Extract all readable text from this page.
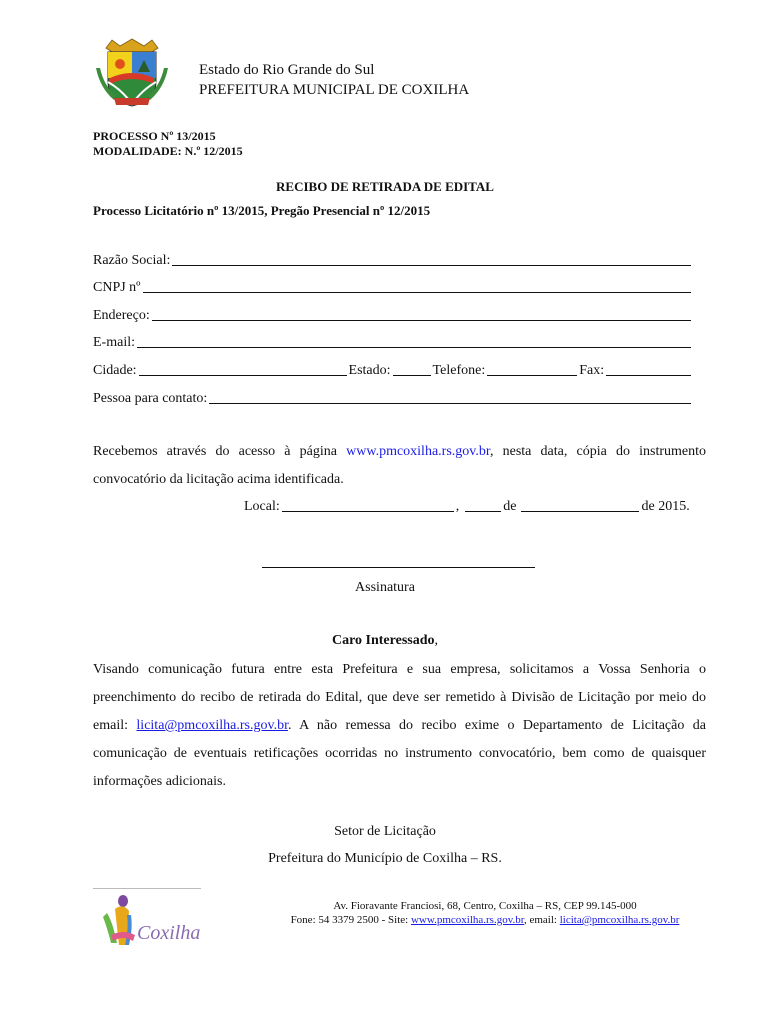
Estado do Rio Grande do Sul
PREFEITURA MUNICIPAL DE COXILHA
PROCESSO Nº 13/2015
MODALIDADE: N.º 12/2015
RECIBO DE RETIRADA DE EDITAL
Processo Licitatório nº 13/2015, Pregão Presencial nº 12/2015
Razão Social:
CNPJ nº
Endereço:
E-mail:
Cidade:	Estado:	Telefone:	Fax:
Pessoa para contato:
Recebemos através do acesso à página www.pmcoxilha.rs.gov.br, nesta data, cópia do instrumento convocatório da licitação acima identificada.
Local:	,	de	de 2015.
Assinatura
Caro Interessado,
Visando comunicação futura entre esta Prefeitura e sua empresa, solicitamos a Vossa Senhoria o preenchimento do recibo de retirada do Edital, que deve ser remetido à Divisão de Licitação por meio do email: licita@pmcoxilha.rs.gov.br. A não remessa do recibo exime o Departamento de Licitação da comunicação de eventuais retificações ocorridas no instrumento convocatório, bem como de quaisquer informações adicionais.
Setor de Licitação
Prefeitura do Município de Coxilha – RS.
Coxilha
Av. Fioravante Franciosi, 68, Centro, Coxilha – RS, CEP 99.145-000
Fone: 54 3379 2500 - Site: www.pmcoxilha.rs.gov.br, email: licita@pmcoxilha.rs.gov.br
